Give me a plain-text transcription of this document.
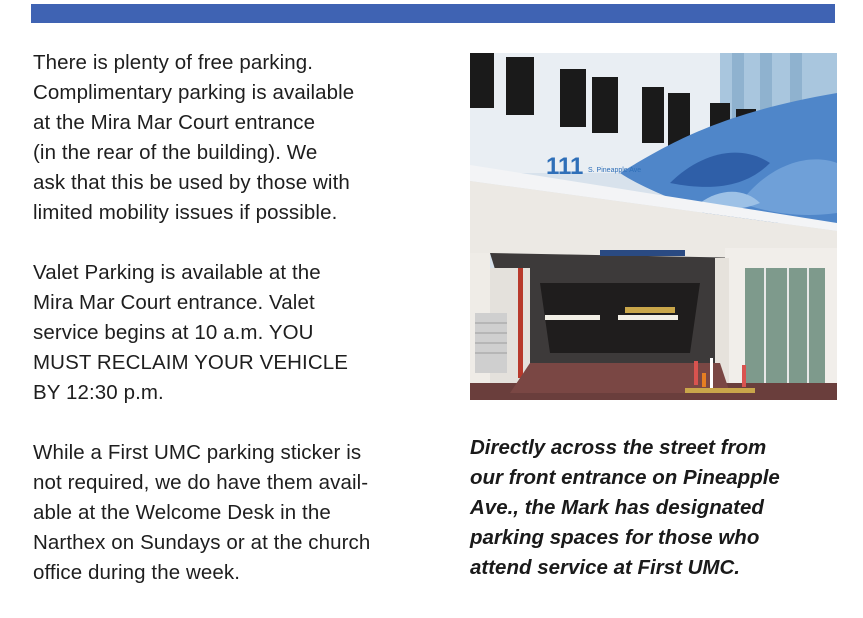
There is plenty of free parking.
Complimentary parking is available
at the Mira Mar Court entrance
(in the rear of the building). We
ask that this be used by those with
limited mobility issues if possible.

Valet Parking is available at the
Mira Mar Court entrance. Valet
service begins at 10 a.m. YOU
MUST RECLAIM YOUR VEHICLE
BY 12:30 p.m.

While a First UMC parking sticker is
not required, we do have them avail-
able at the Welcome Desk in the
Narthex on Sundays or at the church
office during the week.

111 S. Pineapple Ave
Directly across the street from
our front entrance on Pineapple
Ave., the Mark has designated
parking spaces for those who
attend service at First UMC.
